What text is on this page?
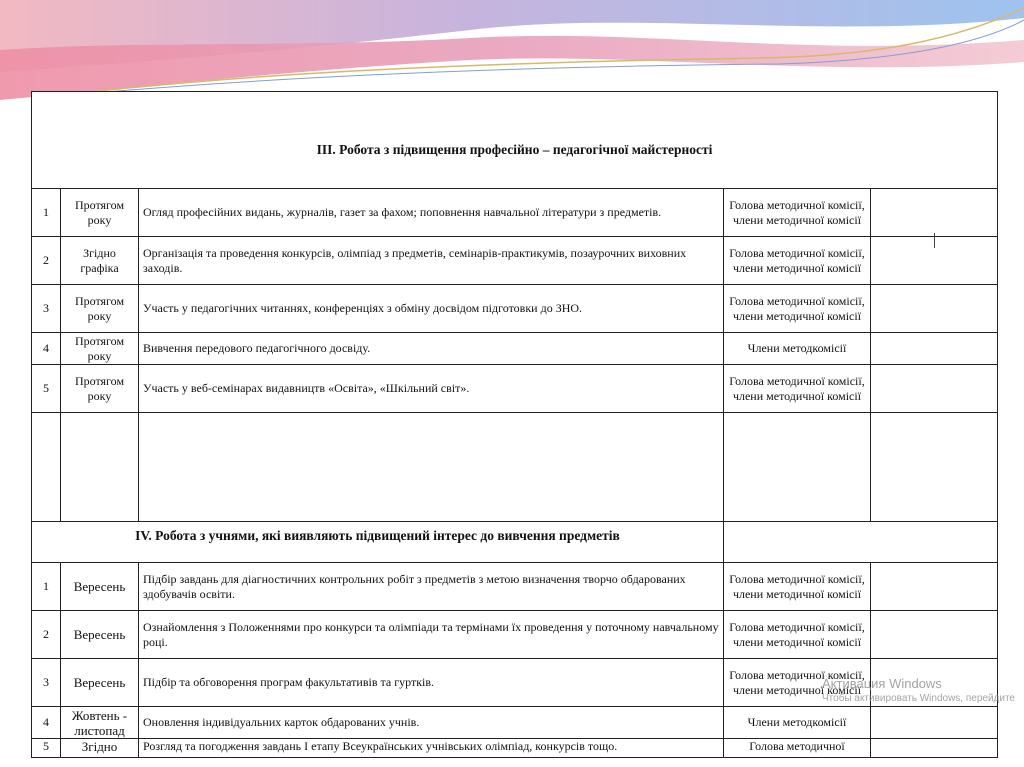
ІІІ. Робота з підвищення професійно – педагогічної майстерності				
1	Протягом року	Огляд професійних видань, журналів, газет за фахом; поповнення навчальної літератури з предметів.	Голова методичної комісії, члени методичної комісії	
2	Згідно графіка	Організація та проведення конкурсів, олімпіад з предметів, семінарів-практикумів, позаурочних виховних заходів.	Голова методичної комісії, члени методичної комісії	
3	Протягом року	Участь у педагогічних читаннях, конференціях з обміну досвідом підготовки до ЗНО.	Голова методичної комісії, члени методичної комісії	
4	Протягом року	Вивчення передового педагогічного досвіду.	Члени методкомісії	
5	Протягом року	Участь у веб-семінарах видавництв «Освіта», «Шкільний світ».	Голова методичної комісії, члени методичної комісії	

IV. Робота з учнями, які виявляють підвищений інтерес до вивчення предметів				
1	Вересень	Підбір завдань для діагностичних контрольних робіт з предметів з метою визначення творчо обдарованих здобувачів освіти.	Голова методичної комісії, члени методичної комісії	
2	Вересень	Ознайомлення з Положеннями про конкурси та олімпіади та термінами їх проведення у поточному навчальному році.	Голова методичної комісії, члени методичної комісії	
3	Вересень	Підбір та обговорення програм факультативів та гуртків.	Голова методичної комісії, члени методичної комісії	
4	Жовтень - листопад	Оновлення індивідуальних карток обдарованих учнів.	Члени методкомісії	
5	Згідно	Розгляд та погодження завдань І етапу Всеукраїнських учнівських олімпіад, конкурсів тощо.	Голова методичної	
Активация Windows
Чтобы активировать Windows, перейдите
